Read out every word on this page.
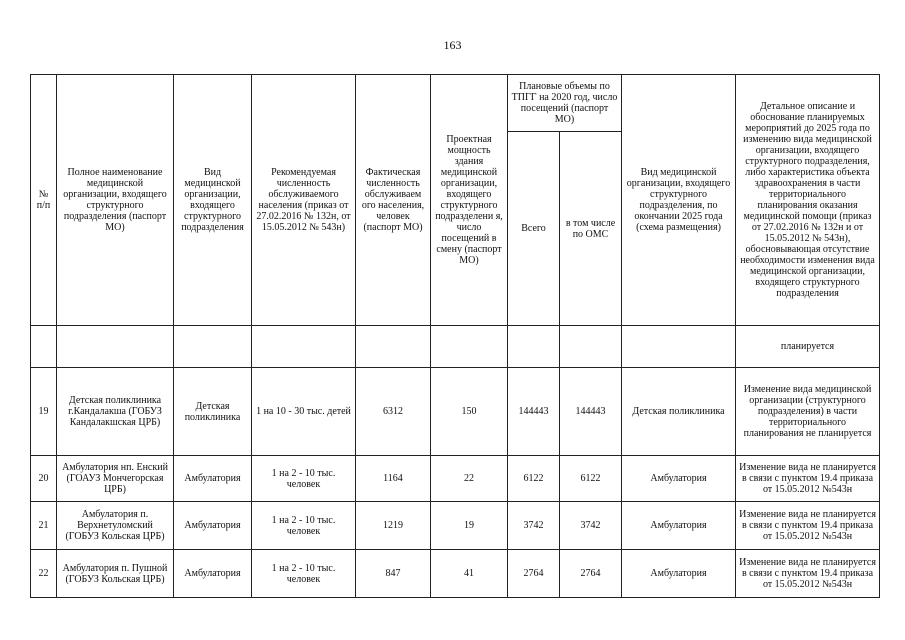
163
№ п/п	Полное наименование медицинской организации, входящего структурного подразделения (паспорт МО)	Вид медицинской организации, входящего структурного подразделения	Рекомендуемая численность обслуживаемого населения (приказ от 27.02.2016 № 132н, от 15.05.2012 № 543н)	Фактическая численность обслуживаем ого населения, человек (паспорт МО)	Проектная мощность здания медицинской организации, входящего структурного подразделени я, число посещений в смену (паспорт МО)	Плановые объемы по ТПГГ на 2020 год, число посещений (паспорт МО)		Вид медицинской организации, входящего структурного подразделения, по окончании 2025 года (схема размещения)	Детальное описание и обоснование планируемых мероприятий до 2025 года по изменению вида медицинской организации, входящего структурного подразделения, либо характеристика объекта здравоохранения в части территориального планирования оказания медицинской помощи (приказ от 27.02.2016 № 132н и от 15.05.2012 № 543н), обосновывающая отсутствие необходимости изменения вида медицинской организации, входящего структурного подразделения
						Всего	в том числе по ОМС		
									планируется
19	Детская поликлиника г.Кандалакша (ГОБУЗ Кандалакшская ЦРБ)	Детская поликлиника	1 на 10 - 30 тыс. детей	6312	150	144443	144443	Детская поликлиника	Изменение вида медицинской организации (структурного подразделения) в части территориального планирования не планируется
20	Амбулатория нп. Енский (ГОАУЗ Мончегорская ЦРБ)	Амбулатория	1 на 2 - 10 тыс. человек	1164	22	6122	6122	Амбулатория	Изменение вида не планируется в связи с пунктом 19.4 приказа от 15.05.2012 №543н
21	Амбулатория п. Верхнетуломский (ГОБУЗ Кольская ЦРБ)	Амбулатория	1 на 2 - 10 тыс. человек	1219	19	3742	3742	Амбулатория	Изменение вида не планируется в связи с пунктом 19.4 приказа от 15.05.2012 №543н
22	Амбулатория п. Пушной (ГОБУЗ Кольская ЦРБ)	Амбулатория	1 на 2 - 10 тыс. человек	847	41	2764	2764	Амбулатория	Изменение вида не планируется в связи с пунктом 19.4 приказа от 15.05.2012 №543н
